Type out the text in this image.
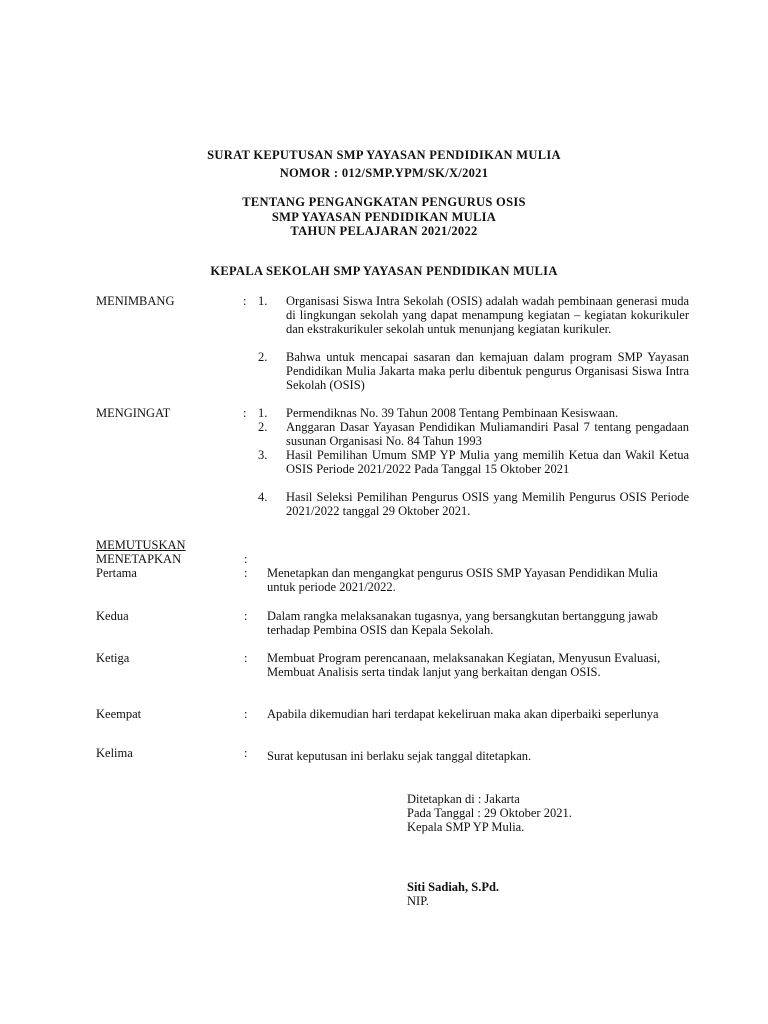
SURAT KEPUTUSAN SMP YAYASAN PENDIDIKAN MULIA
NOMOR : 012/SMP.YPM/SK/X/2021
TENTANG PENGANGKATAN PENGURUS OSIS
SMP YAYASAN PENDIDIKAN MULIA
TAHUN PELAJARAN 2021/2022
KEPALA SEKOLAH SMP YAYASAN PENDIDIKAN MULIA
MENIMBANG	: 1. Organisasi Siswa Intra Sekolah (OSIS) adalah wadah pembinaan generasi muda di lingkungan sekolah yang dapat menampung kegiatan – kegiatan kokurikuler dan ekstrakurikuler sekolah untuk menunjang kegiatan kurikuler.
2. Bahwa untuk mencapai sasaran dan kemajuan dalam program SMP Yayasan Pendidikan Mulia Jakarta maka perlu dibentuk pengurus Organisasi Siswa Intra Sekolah (OSIS)
MENGINGAT	: 1. Permendiknas No. 39 Tahun 2008 Tentang Pembinaan Kesiswaan.
2. Anggaran Dasar Yayasan Pendidikan Muliamandiri Pasal 7 tentang pengadaan susunan Organisasi No. 84 Tahun 1993
3. Hasil Pemilihan Umum SMP YP Mulia yang memilih Ketua dan Wakil Ketua OSIS Periode 2021/2022 Pada Tanggal 15 Oktober 2021
4. Hasil Seleksi Pemilihan Pengurus OSIS yang Memilih Pengurus OSIS Periode 2021/2022 tanggal 29 Oktober 2021.
MEMUTUSKAN
MENETAPKAN	:
Pertama	: Menetapkan dan mengangkat pengurus OSIS SMP Yayasan Pendidikan Mulia untuk periode 2021/2022.
Kedua	: Dalam rangka melaksanakan tugasnya, yang bersangkutan bertanggung jawab terhadap Pembina OSIS dan Kepala Sekolah.
Ketiga	: Membuat Program perencanaan, melaksanakan Kegiatan, Menyusun Evaluasi, Membuat Analisis serta tindak lanjut yang berkaitan dengan OSIS.
Keempat	: Apabila dikemudian hari terdapat kekeliruan maka akan diperbaiki seperlunya
Kelima	: Surat keputusan ini berlaku sejak tanggal ditetapkan.
Ditetapkan di : Jakarta
Pada Tanggal : 29 Oktober 2021.
Kepala SMP YP Mulia.
Siti Sadiah, S.Pd.
NIP.
